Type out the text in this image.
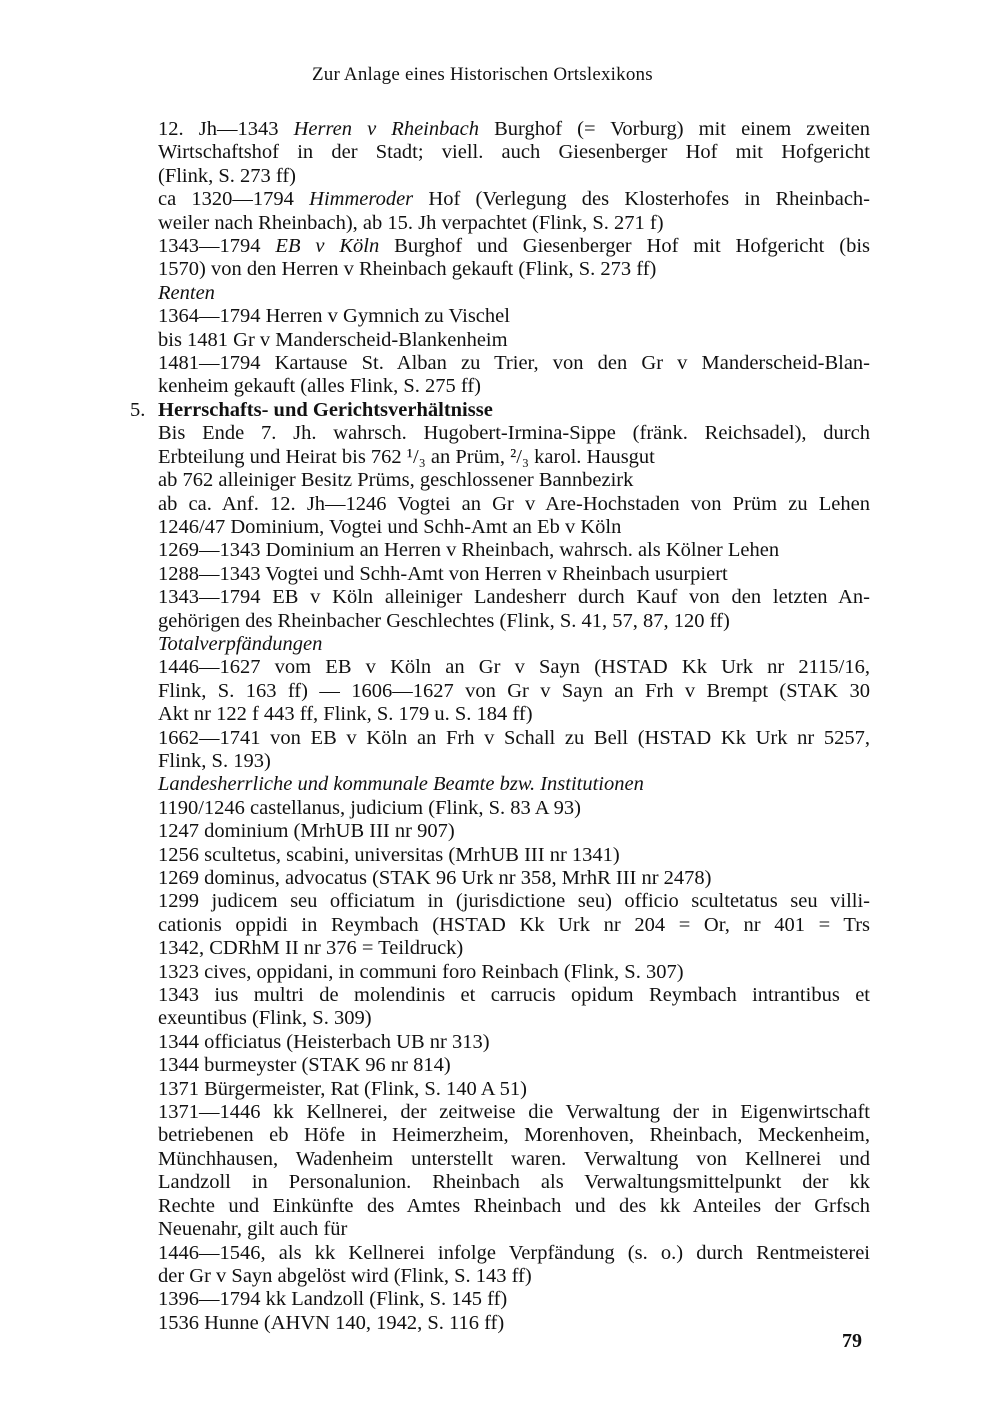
Zur Anlage eines Historischen Ortslexikons
12. Jh—1343 Herren v Rheinbach Burghof (= Vorburg) mit einem zweiten
Wirtschaftshof in der Stadt; viell. auch Giesenberger Hof mit Hofgericht
(Flink, S. 273 ff)
ca 1320—1794 Himmeroder Hof (Verlegung des Klosterhofes in Rheinbach-
weiler nach Rheinbach), ab 15. Jh verpachtet (Flink, S. 271 f)
1343—1794 EB v Köln Burghof und Giesenberger Hof mit Hofgericht (bis
1570) von den Herren v Rheinbach gekauft (Flink, S. 273 ff)
Renten
1364—1794 Herren v Gymnich zu Vischel
bis 1481 Gr v Manderscheid-Blankenheim
1481—1794 Kartause St. Alban zu Trier, von den Gr v Manderscheid-Blan-
kenheim gekauft (alles Flink, S. 275 ff)
5. Herrschafts- und Gerichtsverhältnisse
Bis Ende 7. Jh. wahrsch. Hugobert-Irmina-Sippe (fränk. Reichsadel), durch
Erbteilung und Heirat bis 762 ¹/₃ an Prüm, ²/₃ karol. Hausgut
ab 762 alleiniger Besitz Prüms, geschlossener Bannbezirk
ab ca. Anf. 12. Jh—1246 Vogtei an Gr v Are-Hochstaden von Prüm zu Lehen
1246/47 Dominium, Vogtei und Schh-Amt an Eb v Köln
1269—1343 Dominium an Herren v Rheinbach, wahrsch. als Kölner Lehen
1288—1343 Vogtei und Schh-Amt von Herren v Rheinbach usurpiert
1343—1794 EB v Köln alleiniger Landesherr durch Kauf von den letzten An-
gehörigen des Rheinbacher Geschlechtes (Flink, S. 41, 57, 87, 120 ff)
Totalverpfändungen
1446—1627 vom EB v Köln an Gr v Sayn (HSTAD Kk Urk nr 2115/16,
Flink, S. 163 ff) — 1606—1627 von Gr v Sayn an Frh v Brempt (STAK 30
Akt nr 122 f 443 ff, Flink, S. 179 u. S. 184 ff)
1662—1741 von EB v Köln an Frh v Schall zu Bell (HSTAD Kk Urk nr 5257,
Flink, S. 193)
Landesherrliche und kommunale Beamte bzw. Institutionen
1190/1246 castellanus, judicium (Flink, S. 83 A 93)
1247 dominium (MrhUB III nr 907)
1256 scultetus, scabini, universitas (MrhUB III nr 1341)
1269 dominus, advocatus (STAK 96 Urk nr 358, MrhR III nr 2478)
1299 judicem seu officiatum in (jurisdictione seu) officio scultetatus seu villi-
cationis oppidi in Reymbach (HSTAD Kk Urk nr 204 = Or, nr 401 = Trs
1342, CDRhM II nr 376 = Teildruck)
1323 cives, oppidani, in communi foro Reinbach (Flink, S. 307)
1343 ius multri de molendinis et carrucis opidum Reymbach intrantibus et
exeuntibus (Flink, S. 309)
1344 officiatus (Heisterbach UB nr 313)
1344 burmeyster (STAK 96 nr 814)
1371 Bürgermeister, Rat (Flink, S. 140 A 51)
1371—1446 kk Kellnerei, der zeitweise die Verwaltung der in Eigenwirtschaft
betriebenen eb Höfe in Heimerzheim, Morenhoven, Rheinbach, Meckenheim,
Münchhausen, Wadenheim unterstellt waren. Verwaltung von Kellnerei und
Landzoll in Personalunion. Rheinbach als Verwaltungsmittelpunkt der kk
Rechte und Einkünfte des Amtes Rheinbach und des kk Anteiles der Grfsch
Neuenahr, gilt auch für
1446—1546, als kk Kellnerei infolge Verpfändung (s. o.) durch Rentmeisterei
der Gr v Sayn abgelöst wird (Flink, S. 143 ff)
1396—1794 kk Landzoll (Flink, S. 145 ff)
1536 Hunne (AHVN 140, 1942, S. 116 ff)
79
